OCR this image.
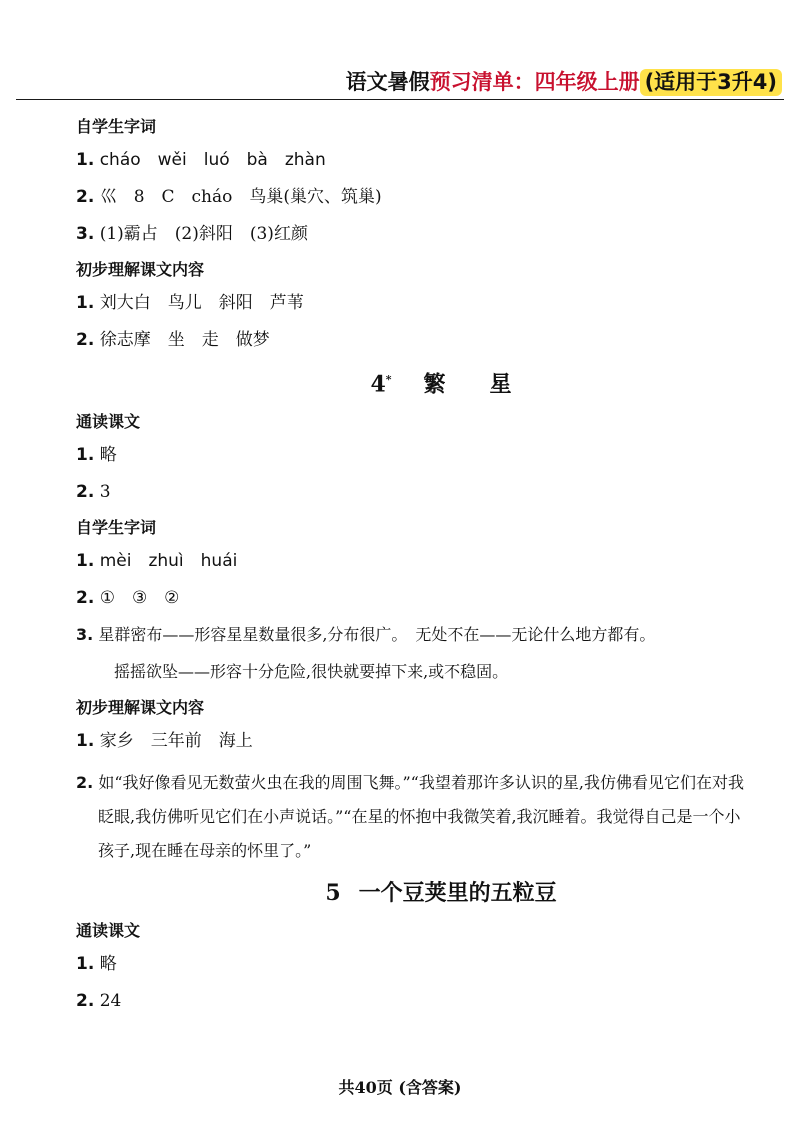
语文暑假预习清单：四年级上册 (适用于3升4)
自学生字词
1. cháo　wěi　luó　bà　zhàn
2. 巛　8　C　cháo　鸟巢(巢穴、筑巢)
3. (1)霸占　(2)斜阳　(3)红颜
初步理解课文内容
1. 刘大白　鸟儿　斜阳　芦苇
2. 徐志摩　坐　走　做梦
4* 繁　　星
通读课文
1. 略
2. 3
自学生字词
1. mèi　zhuì　huái
2. ①　③　②
3. 星群密布——形容星星数量很多,分布很广。　无处不在——无论什么地方都有。
摇摇欲坠——形容十分危险,很快就要掉下来,或不稳固。
初步理解课文内容
1. 家乡　三年前　海上
2. 如“我好像看见无数萤火虫在我的周围飞舞。”“我望着那许多认识的星,我仿佛看见它们在对我眨眼,我仿佛听见它们在小声说话。”“在星的怀抱中我微笑着,我沉睡着。我觉得自己是一个小孩子,现在睡在母亲的怀里了。”
5 一个豆荚里的五粒豆
通读课文
1. 略
2. 24
共40页 (含答案)
